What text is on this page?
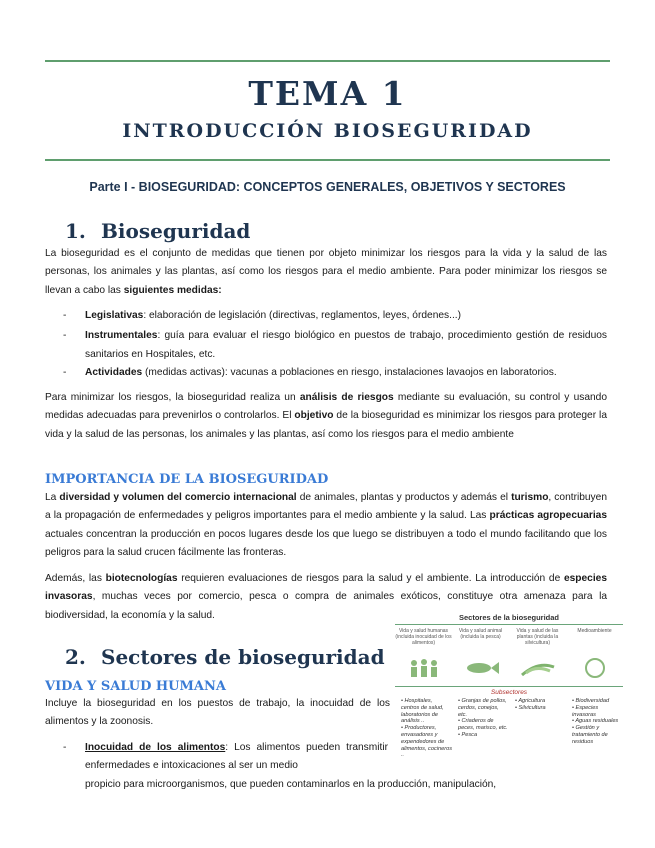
TEMA 1
INTRODUCCIÓN BIOSEGURIDAD
Parte I - BIOSEGURIDAD: CONCEPTOS GENERALES, OBJETIVOS Y SECTORES
1. Bioseguridad
La bioseguridad es el conjunto de medidas que tienen por objeto minimizar los riesgos para la vida y la salud de las personas, los animales y las plantas, así como los riesgos para el medio ambiente. Para poder minimizar los riesgos se llevan a cabo las siguientes medidas:
- Legislativas: elaboración de legislación (directivas, reglamentos, leyes, órdenes...)
- Instrumentales: guía para evaluar el riesgo biológico en puestos de trabajo, procedimiento gestión de residuos sanitarios en Hospitales, etc.
- Actividades (medidas activas): vacunas a poblaciones en riesgo, instalaciones lavaojos en laboratorios.
Para minimizar los riesgos, la bioseguridad realiza un análisis de riesgos mediante su evaluación, su control y usando medidas adecuadas para prevenirlos o controlarlos. El objetivo de la bioseguridad es minimizar los riesgos para proteger la vida y la salud de las personas, los animales y las plantas, así como los riesgos para el medio ambiente
IMPORTANCIA DE LA BIOSEGURIDAD
La diversidad y volumen del comercio internacional de animales, plantas y productos y además el turismo, contribuyen a la propagación de enfermedades y peligros importantes para el medio ambiente y la salud. Las prácticas agropecuarias actuales concentran la producción en pocos lugares desde los que luego se distribuyen a todo el mundo facilitando que los peligros para la salud crucen fácilmente las fronteras.
Además, las biotecnologías requieren evaluaciones de riesgos para la salud y el ambiente. La introducción de especies invasoras, muchas veces por comercio, pesca o compra de animales exóticos, constituye otra amenaza para la biodiversidad, la economía y la salud.
2. Sectores de bioseguridad
VIDA Y SALUD HUMANA
Incluye la bioseguridad en los puestos de trabajo, la inocuidad de los alimentos y la zoonosis.
- Inocuidad de los alimentos: Los alimentos pueden transmitir enfermedades e intoxicaciones al ser un medio
propicio para microorganismos, que pueden contaminarlos en la producción, manipulación,
Sectores de la bioseguridad
Vida y salud humanas (incluida inocuidad de los alimentos)
Vida y salud animal (incluida la pesca)
Vida y salud de las plantas (incluida la silvicultura)
Medioambiente
Subsectores
• Hospitales, centros de salud, laboratorios de análisis ..
• Productores, envasadores y expendedores de alimentos, cocineros ..
• Granjas de pollos, cerdos, conejos, etc.
• Criaderos de peces, marisco, etc.
• Pesca
• Agricultura
• Silvicultura
• Biodiversidad
• Especies invasoras
• Aguas residuales
• Gestión y tratamiento de residuos
